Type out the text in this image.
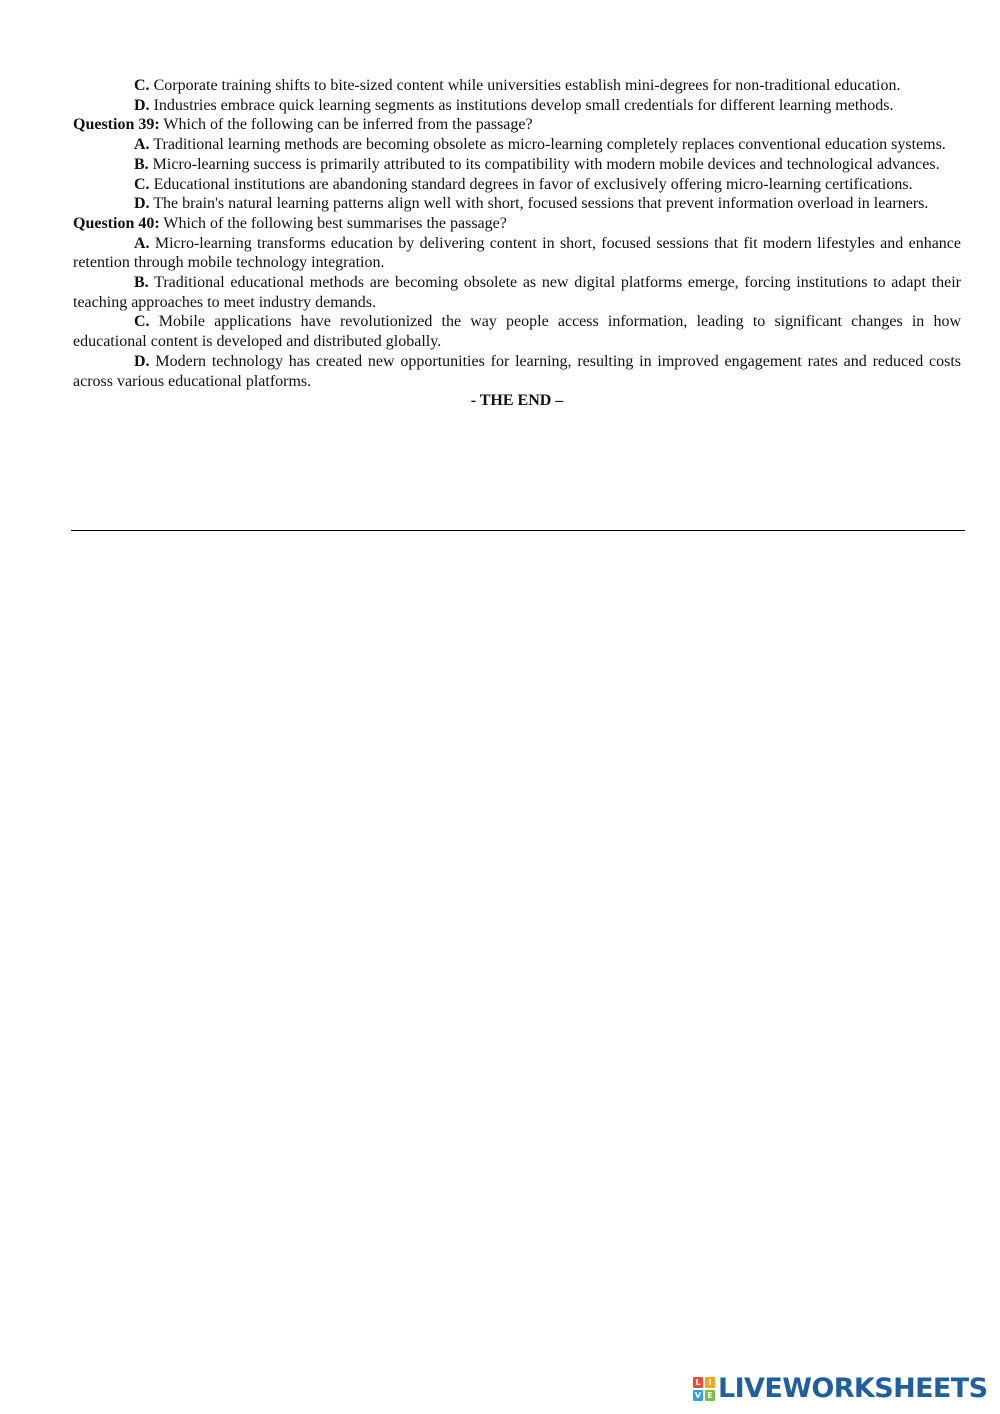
C. Corporate training shifts to bite-sized content while universities establish mini-degrees for non-traditional education.

D. Industries embrace quick learning segments as institutions develop small credentials for different learning methods.

Question 39: Which of the following can be inferred from the passage?

A. Traditional learning methods are becoming obsolete as micro-learning completely replaces conventional education systems.

B. Micro-learning success is primarily attributed to its compatibility with modern mobile devices and technological advances.

C. Educational institutions are abandoning standard degrees in favor of exclusively offering micro-learning certifications.

D. The brain's natural learning patterns align well with short, focused sessions that prevent information overload in learners.

Question 40: Which of the following best summarises the passage?

A. Micro-learning transforms education by delivering content in short, focused sessions that fit modern lifestyles and enhance retention through mobile technology integration.

B. Traditional educational methods are becoming obsolete as new digital platforms emerge, forcing institutions to adapt their teaching approaches to meet industry demands.

C. Mobile applications have revolutionized the way people access information, leading to significant changes in how educational content is developed and distributed globally.

D. Modern technology has created new opportunities for learning, resulting in improved engagement rates and reduced costs across various educational platforms.

- THE END –

L I
V E LIVEWORKSHEETS
